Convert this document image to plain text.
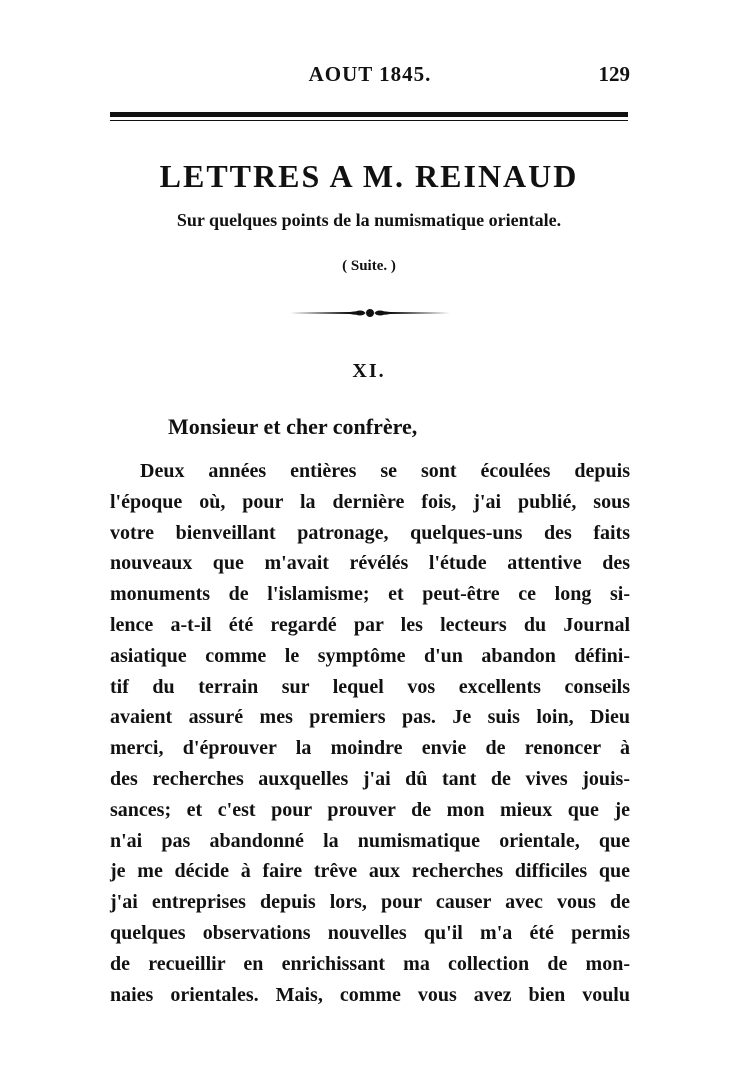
AOUT 1845.	129
LETTRES A M. REINAUD
Sur quelques points de la numismatique orientale.
( Suite. )
XI.
Monsieur et cher confrère,
Deux années entières se sont écoulées depuis
l'époque où, pour la dernière fois, j'ai publié, sous
votre bienveillant patronage, quelques-uns des faits
nouveaux que m'avait révélés l'étude attentive des
monuments de l'islamisme; et peut-être ce long si-
lence a-t-il été regardé par les lecteurs du Journal
asiatique comme le symptôme d'un abandon défini-
tif du terrain sur lequel vos excellents conseils
avaient assuré mes premiers pas. Je suis loin, Dieu
merci, d'éprouver la moindre envie de renoncer à
des recherches auxquelles j'ai dû tant de vives jouis-
sances; et c'est pour prouver de mon mieux que je
n'ai pas abandonné la numismatique orientale, que
je me décide à faire trêve aux recherches difficiles que
j'ai entreprises depuis lors, pour causer avec vous de
quelques observations nouvelles qu'il m'a été permis
de recueillir en enrichissant ma collection de mon-
naies orientales. Mais, comme vous avez bien voulu
